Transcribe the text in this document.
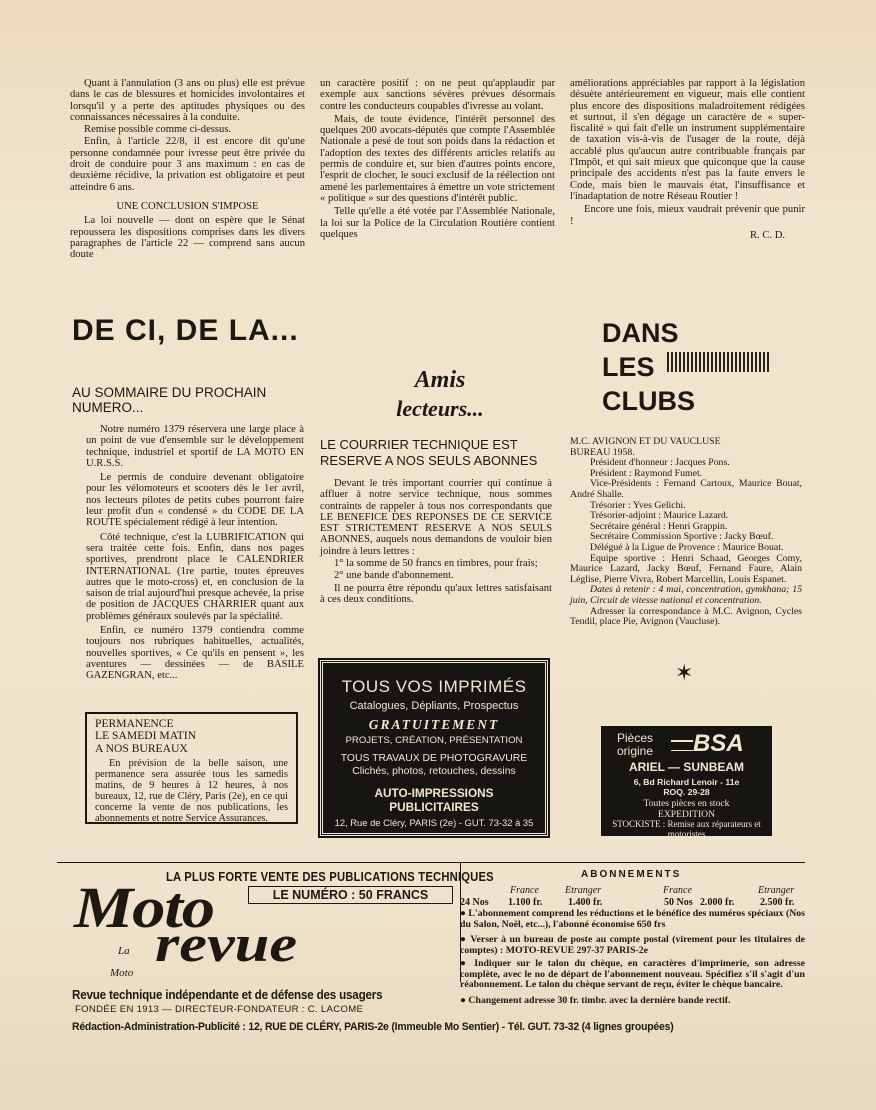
Quant à l'annulation (3 ans ou plus) elle est prévue dans le cas de blessures et homicides involontaires et lorsqu'il y a perte des aptitudes physiques ou des connaissances nécessaires à la conduite.

Remise possible comme ci-dessus.

Enfin, à l'article 22/8, il est encore dit qu'une personne condamnée pour ivresse peut être privée du droit de conduire pour 3 ans maximum : en cas de deuxième récidive, la privation est obligatoire et peut atteindre 6 ans.

UNE CONCLUSION S'IMPOSE

La loi nouvelle — dont on espère que le Sénat repoussera les dispositions comprises dans les divers paragraphes de l'article 22 — comprend sans aucun doute

un caractère positif : on ne peut qu'applaudir par exemple aux sanctions sévères prévues désormais contre les conducteurs coupables d'ivresse au volant.

Mais, de toute évidence, l'intérêt personnel des quelques 200 avocats-députés que compte l'Assemblée Nationale a pesé de tout son poids dans la rédaction et l'adoption des textes des différents articles relatifs au permis de conduire et, sur bien d'autres points encore, l'esprit de clocher, le souci exclusif de la réélection ont amené les parlementaires à émettre un vote strictement « politique » sur des questions d'intérêt public.

Telle qu'elle a été votée par l'Assemblée Nationale, la loi sur la Police de la Circulation Routière contient quelques

améliorations appréciables par rapport à la législation désuète antérieurement en vigueur, mais elle contient plus encore des dispositions maladroitement rédigées et surtout, il s'en dégage un caractère de « super-fiscalité » qui fait d'elle un instrument supplémentaire de taxation vis-à-vis de l'usager de la route, déjà accablé plus qu'aucun autre contribuable français par l'Impôt, et qui sait mieux que quiconque que la cause principale des accidents n'est pas la faute envers le Code, mais bien le mauvais état, l'insuffisance et l'inadaptation de notre Réseau Routier !

Encore une fois, mieux vaudrait prévenir que punir !

R. C. D.

DE CI, DE LA...
AU SOMMAIRE DU PROCHAIN NUMERO...

Notre numéro 1379 réservera une large place à un point de vue d'ensemble sur le développement technique, industriel et sportif de LA MOTO EN U.R.S.S.

Le permis de conduire devenant obligatoire pour les vélomoteurs et scooters dès le 1er avril, nos lecteurs pilotes de petits cubes pourront faire leur profit d'un « condensé » du CODE DE LA ROUTE spécialement rédigé à leur intention.

Côté technique, c'est la LUBRIFICATION qui sera traitée cette fois. Enfin, dans nos pages sportives, prendront place le CALENDRIER INTERNATIONAL (1re partie, toutes épreuves autres que le moto-cross) et, en conclusion de la saison de trial aujourd'hui presque achevée, la prise de position de JACQUES CHARRIER quant aux problèmes généraux soulevés par la spécialité.

Enfin, ce numéro 1379 contiendra comme toujours nos rubriques habituelles, actualités, nouvelles sportives, « Ce qu'ils en pensent », les aventures — dessinées — de BASILE GAZENGRAN, etc...

PERMANENCE
LE SAMEDI MATIN
A NOS BUREAUX

En prévision de la belle saison, une permanence sera assurée tous les samedis matins, de 9 heures à 12 heures, à nos bureaux, 12, rue de Cléry, Paris (2e), en ce qui concerne la vente de nos publications, les abonnements et notre Service Assurances.

Amis
lecteurs...
LE COURRIER TECHNIQUE EST RESERVE A NOS SEULS ABONNES

Devant le très important courrier qui continue à affluer à notre service technique, nous sommes contraints de rappeler à tous nos correspondants que LE BENEFICE DES REPONSES DE CE SERVICE EST STRICTEMENT RESERVE A NOS SEULS ABONNES, auquels nous demandons de vouloir bien joindre à leurs lettres :

1° la somme de 50 francs en timbres, pour frais;

2° une bande d'abonnement.

Il ne pourra être répondu qu'aux lettres satisfaisant à ces deux conditions.

TOUS VOS IMPRIMÉS

Catalogues, Dépliants, Prospectus

GRATUITEMENT

PROJETS, CRÉATION, PRÉSENTATION

TOUS TRAVAUX DE PHOTOGRAVURE

Clichés, photos, retouches, dessins

AUTO-IMPRESSIONS PUBLICITAIRES

12, Rue de Cléry, PARIS (2e) - GUT. 73-32 à 35

DANS
LES
CLUBS

M.C. AVIGNON ET DU VAUCLUSE

BUREAU 1958.

Président d'honneur : Jacques Pons.

Président : Raymond Fumet.

Vice-Présidents : Fernand Cartoux, Maurice Bouat, André Shalle.

Trésorier : Yves Gelichi.

Trésorier-adjoint : Maurice Lazard.

Secrétaire général : Henri Grappin.

Secrétaire Commission Sportive : Jacky Bœuf.

Délégué à la Ligue de Provence : Maurice Bouat.

Equipe sportive : Henri Schaad, Georges Comy, Maurice Lazard, Jacky Bœuf, Fernand Faure, Alain Léglise, Pierre Vivra, Robert Marcellin, Louis Espanet.

Dates à retenir : 4 mai, concentration, gymkhana; 15 juin, Circuit de vitesse national et concentration.

Adresser la correspondance à M.C. Avignon, Cycles Tendil, place Pie, Avignon (Vaucluse).

✶
Pièces
origine	BSA

ARIEL — SUNBEAM

6, Bd Richard Lenoir - 11e

ROQ. 29-28

Toutes pièces en stock

EXPEDITION

STOCKISTE : Remise aux réparateurs et motoristes

LA PLUS FORTE VENTE DES PUBLICATIONS TECHNIQUES
LE NUMÉRO : 50 FRANCS
Moto
La
Moto revue
Revue technique indépendante et de défense des usagers
FONDÉE EN 1913 — DIRECTEUR-FONDATEUR : C. LACOME
Rédaction-Administration-Publicité : 12, RUE DE CLÉRY, PARIS-2e (Immeuble Mo Sentier) - Tél. GUT. 73-32 (4 lignes groupées)
ABONNEMENTS
France	Etranger	France	Etranger
24 Nos 1.100 fr.	1.400 fr.	50 Nos 2.000 fr.	2.500 fr.

● L'abonnement comprend les réductions et le bénéfice des numéros spéciaux (Nos du Salon, Noël, etc...), l'abonné économise 650 frs

● Verser à un bureau de poste au compte postal (virement pour les titulaires de comptes) : MOTO-REVUE 297-37 PARIS-2e

● Indiquer sur le talon du chèque, en caractères d'imprimerie, son adresse complète, avec le no de départ de l'abonnement nouveau. Spécifiez s'il s'agit d'un réabonnement. Le talon du chèque servant de reçu, éviter le chèque bancaire.

● Changement adresse 30 fr. timbr. avec la dernière bande rectif.
